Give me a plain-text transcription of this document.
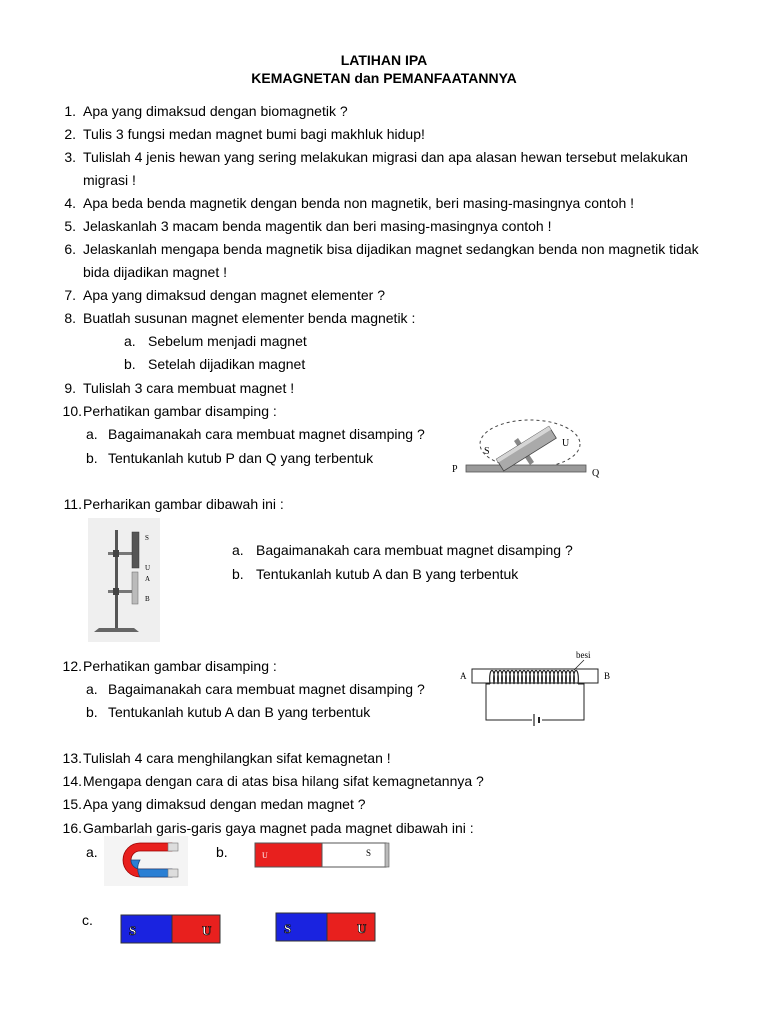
LATIHAN IPA
KEMAGNETAN dan PEMANFAATANNYA
1. Apa yang dimaksud dengan biomagnetik ?
2. Tulis 3 fungsi medan magnet bumi bagi makhluk hidup!
3. Tulislah 4 jenis hewan yang sering melakukan migrasi dan apa alasan hewan tersebut melakukan
migrasi !
4. Apa beda benda magnetik dengan benda non magnetik, beri masing-masingnya contoh !
5. Jelaskanlah 3 macam benda magentik dan beri masing-masingnya contoh !
6. Jelaskanlah mengapa benda magnetik bisa dijadikan magnet sedangkan benda non magnetik tidak
bida dijadikan magnet !
7. Apa yang dimaksud dengan magnet elementer ?
8. Buatlah susunan magnet elementer benda magnetik :
a. Sebelum menjadi magnet
b. Setelah dijadikan magnet
9. Tulislah 3 cara membuat magnet !
10. Perhatikan gambar disamping :
a. Bagaimanakah cara membuat magnet disamping ?
b. Tentukanlah kutub P dan Q yang terbentuk	S
U
P	Q
11. Perharikan gambar dibawah ini :
a. Bagaimanakah cara membuat magnet disamping ?
b. Tentukanlah kutub A dan B yang terbentuk
S
U
A
B
12. Perhatikan gambar disamping :
a. Bagaimanakah cara membuat magnet disamping ?
b. Tentukanlah kutub A dan B yang terbentuk
besi
A	B
13. Tulislah 4 cara menghilangkan sifat kemagnetan !
14. Mengapa dengan cara di atas bisa hilang sifat kemagnetannya ?
15. Apa yang dimaksud dengan medan magnet ?
16. Gambarlah garis-garis gaya magnet pada magnet dibawah ini :
a.	b.
c.
U	S
S	U	S	U
